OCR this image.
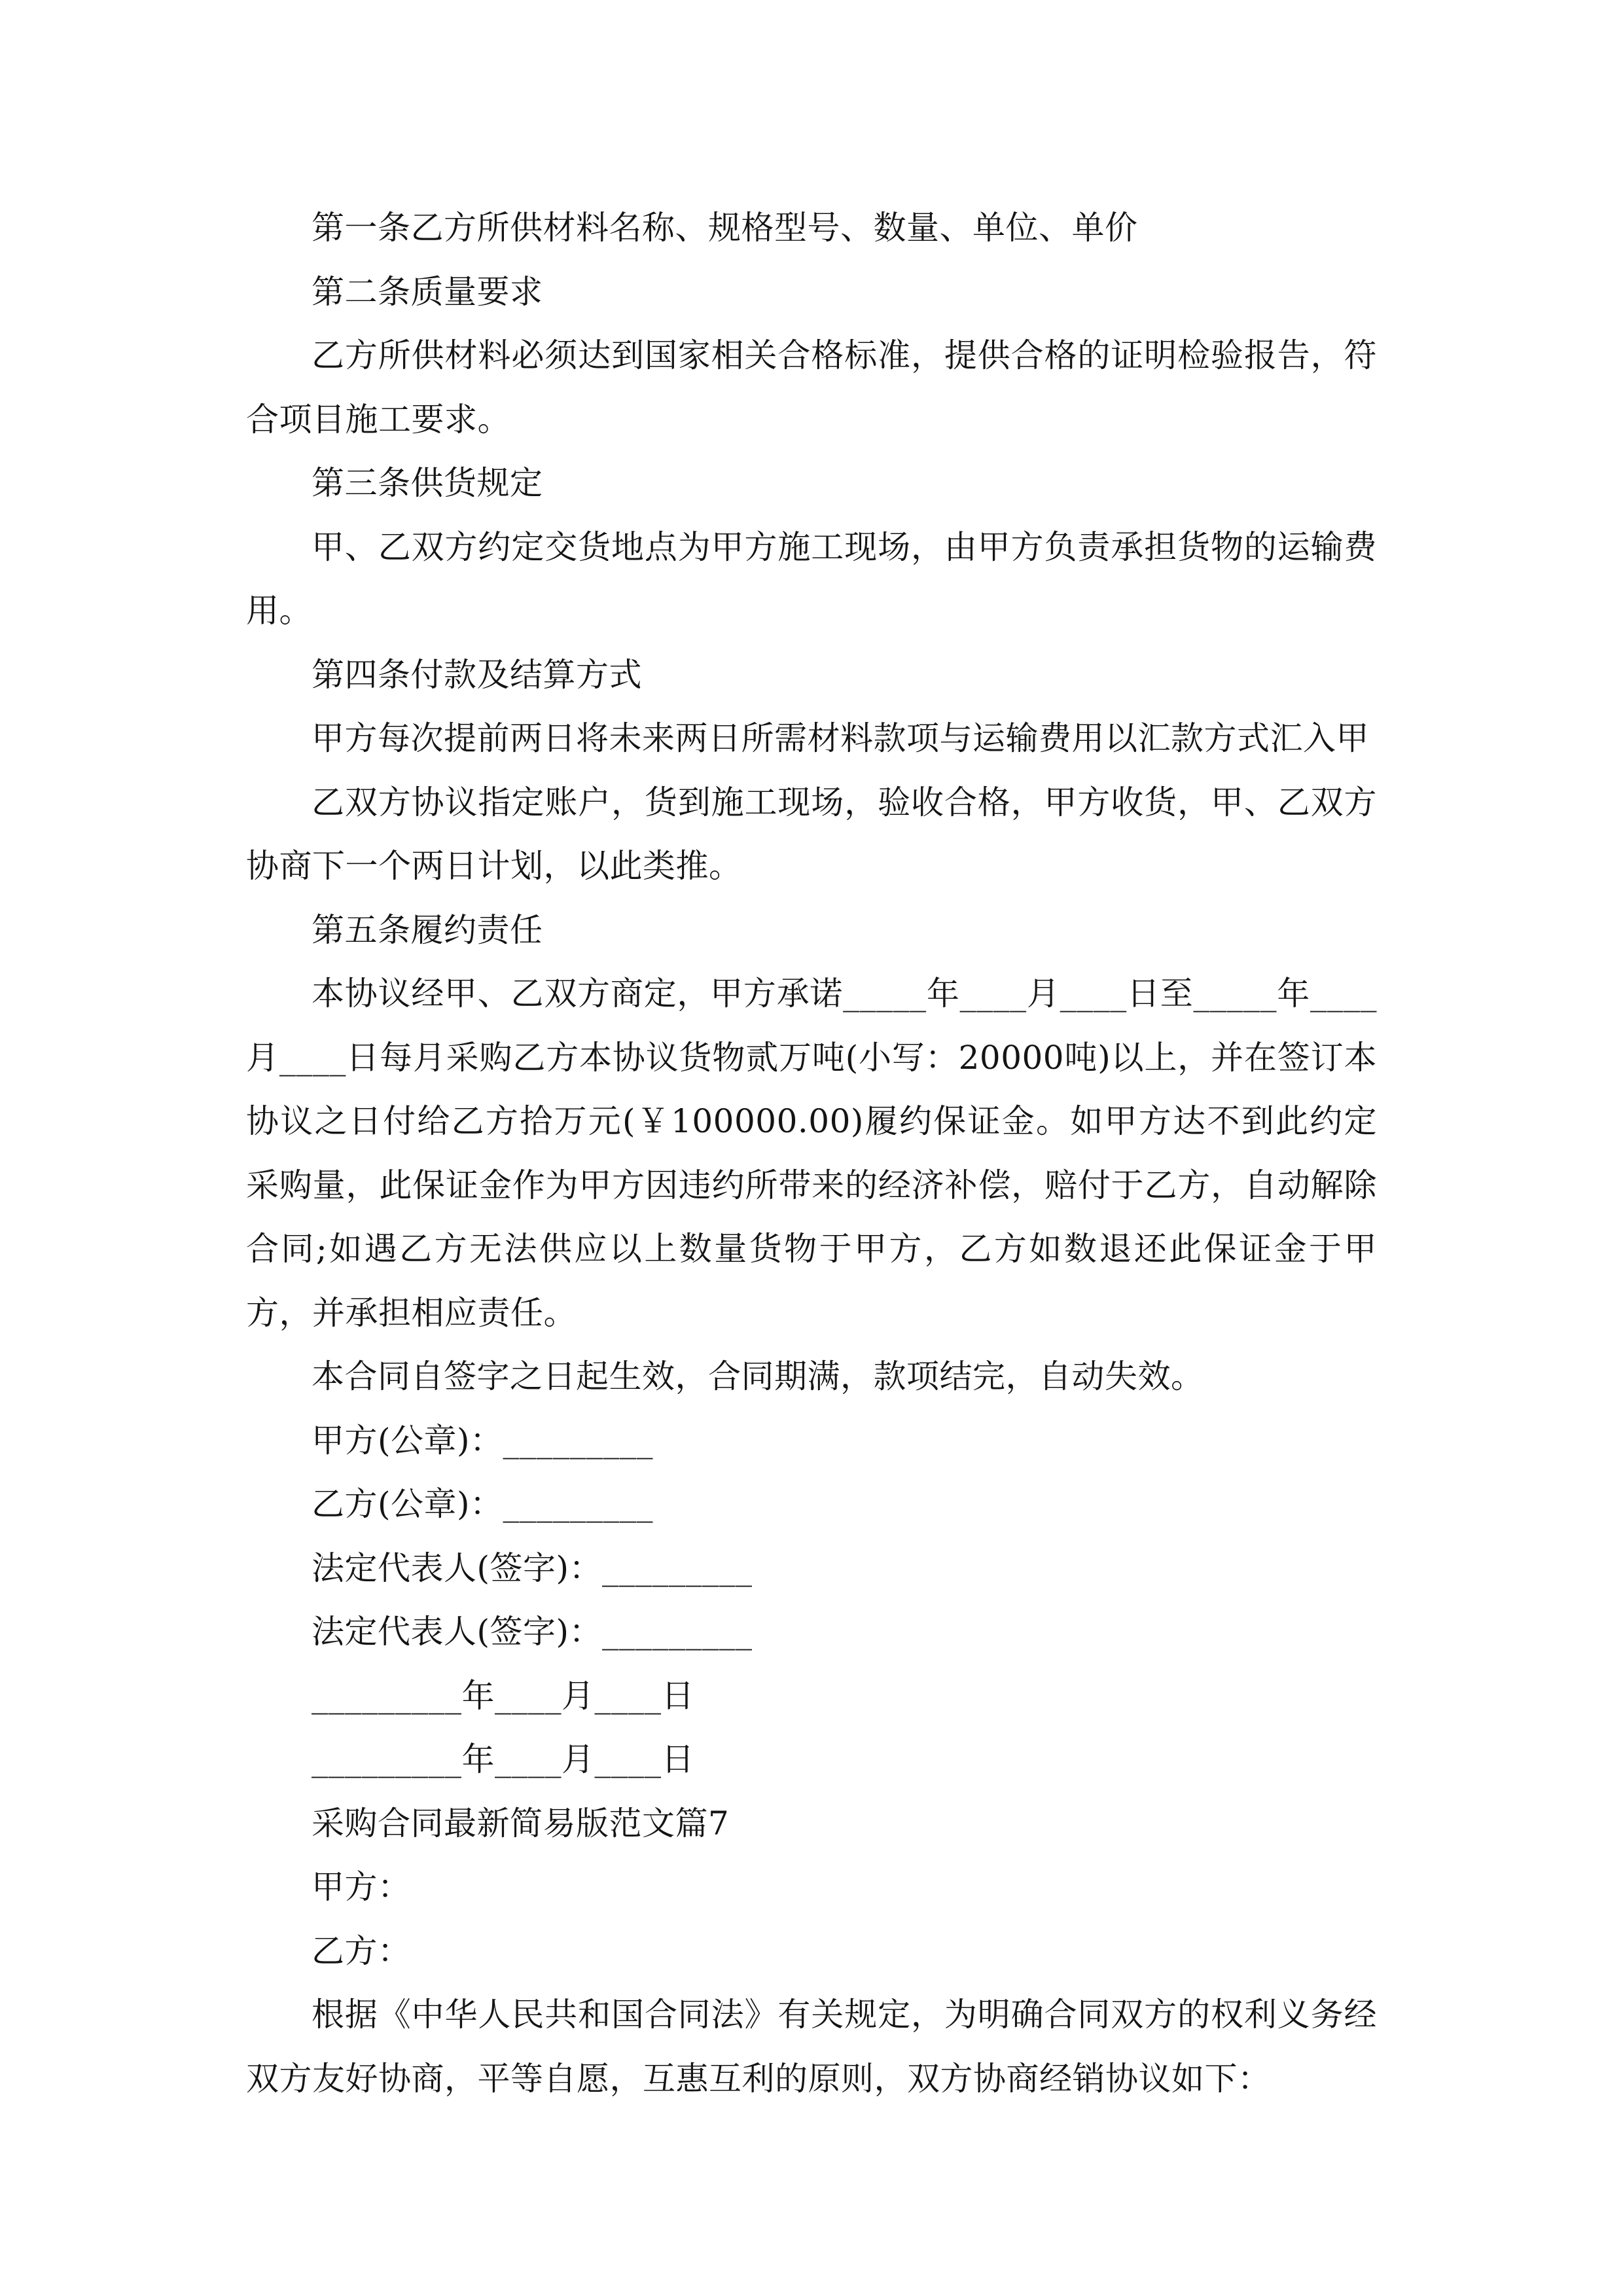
第一条乙方所供材料名称、规格型号、数量、单位、单价

第二条质量要求

乙方所供材料必须达到国家相关合格标准，提供合格的证明检验报告，符合项目施工要求。

第三条供货规定

甲、乙双方约定交货地点为甲方施工现场，由甲方负责承担货物的运输费用。

第四条付款及结算方式

甲方每次提前两日将未来两日所需材料款项与运输费用以汇款方式汇入甲

乙双方协议指定账户，货到施工现场，验收合格，甲方收货，甲、乙双方协商下一个两日计划，以此类推。

第五条履约责任

本协议经甲、乙双方商定，甲方承诺_____年____月____日至_____年____月____日每月采购乙方本协议货物贰万吨(小写：20000吨)以上，并在签订本协议之日付给乙方拾万元(￥100000.00)履约保证金。如甲方达不到此约定采购量，此保证金作为甲方因违约所带来的经济补偿，赔付于乙方，自动解除合同;如遇乙方无法供应以上数量货物于甲方，乙方如数退还此保证金于甲方，并承担相应责任。

本合同自签字之日起生效，合同期满，款项结完，自动失效。

甲方(公章)：_________

乙方(公章)：_________

法定代表人(签字)：_________

法定代表人(签字)：_________

_________年____月____日

_________年____月____日

采购合同最新简易版范文篇7

甲方：

乙方：

根据《中华人民共和国合同法》有关规定，为明确合同双方的权利义务经双方友好协商，平等自愿，互惠互利的原则，双方协商经销协议如下：
